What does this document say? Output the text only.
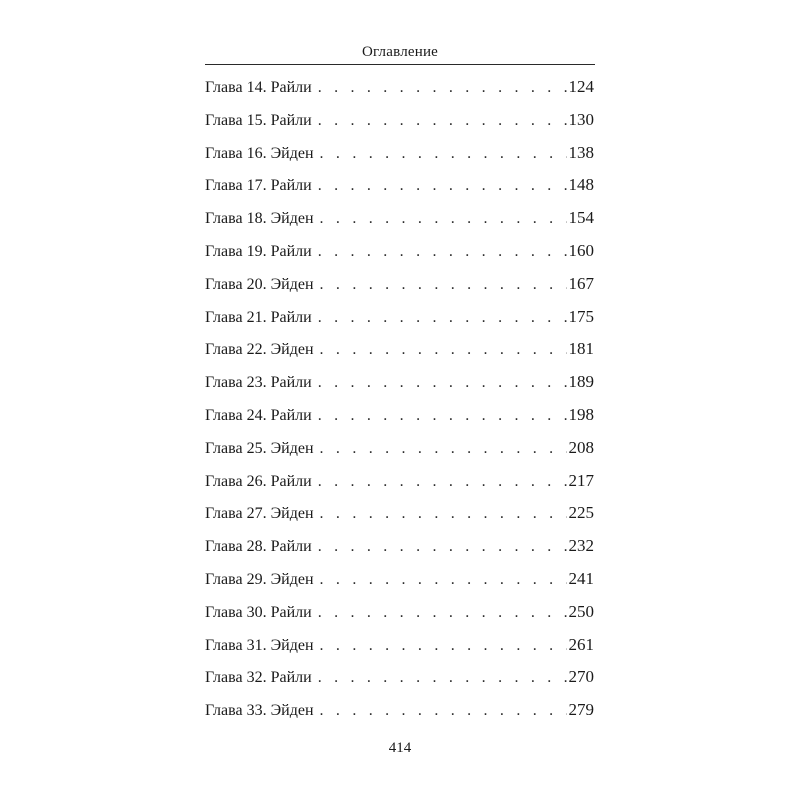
Оглавление
Глава 14. Райли . . .	124
Глава 15. Райли . . .	130
Глава 16. Эйден . . .	138
Глава 17. Райли . . .	148
Глава 18. Эйден . . .	154
Глава 19. Райли . . .	160
Глава 20. Эйден . . .	167
Глава 21. Райли . . .	175
Глава 22. Эйден . . .	181
Глава 23. Райли . . .	189
Глава 24. Райли . . .	198
Глава 25. Эйден . . .	208
Глава 26. Райли . . .	217
Глава 27. Эйден . . .	225
Глава 28. Райли . . .	232
Глава 29. Эйден . . .	241
Глава 30. Райли . . .	250
Глава 31. Эйден . . .	261
Глава 32. Райли . . .	270
Глава 33. Эйден . . .	279
414
